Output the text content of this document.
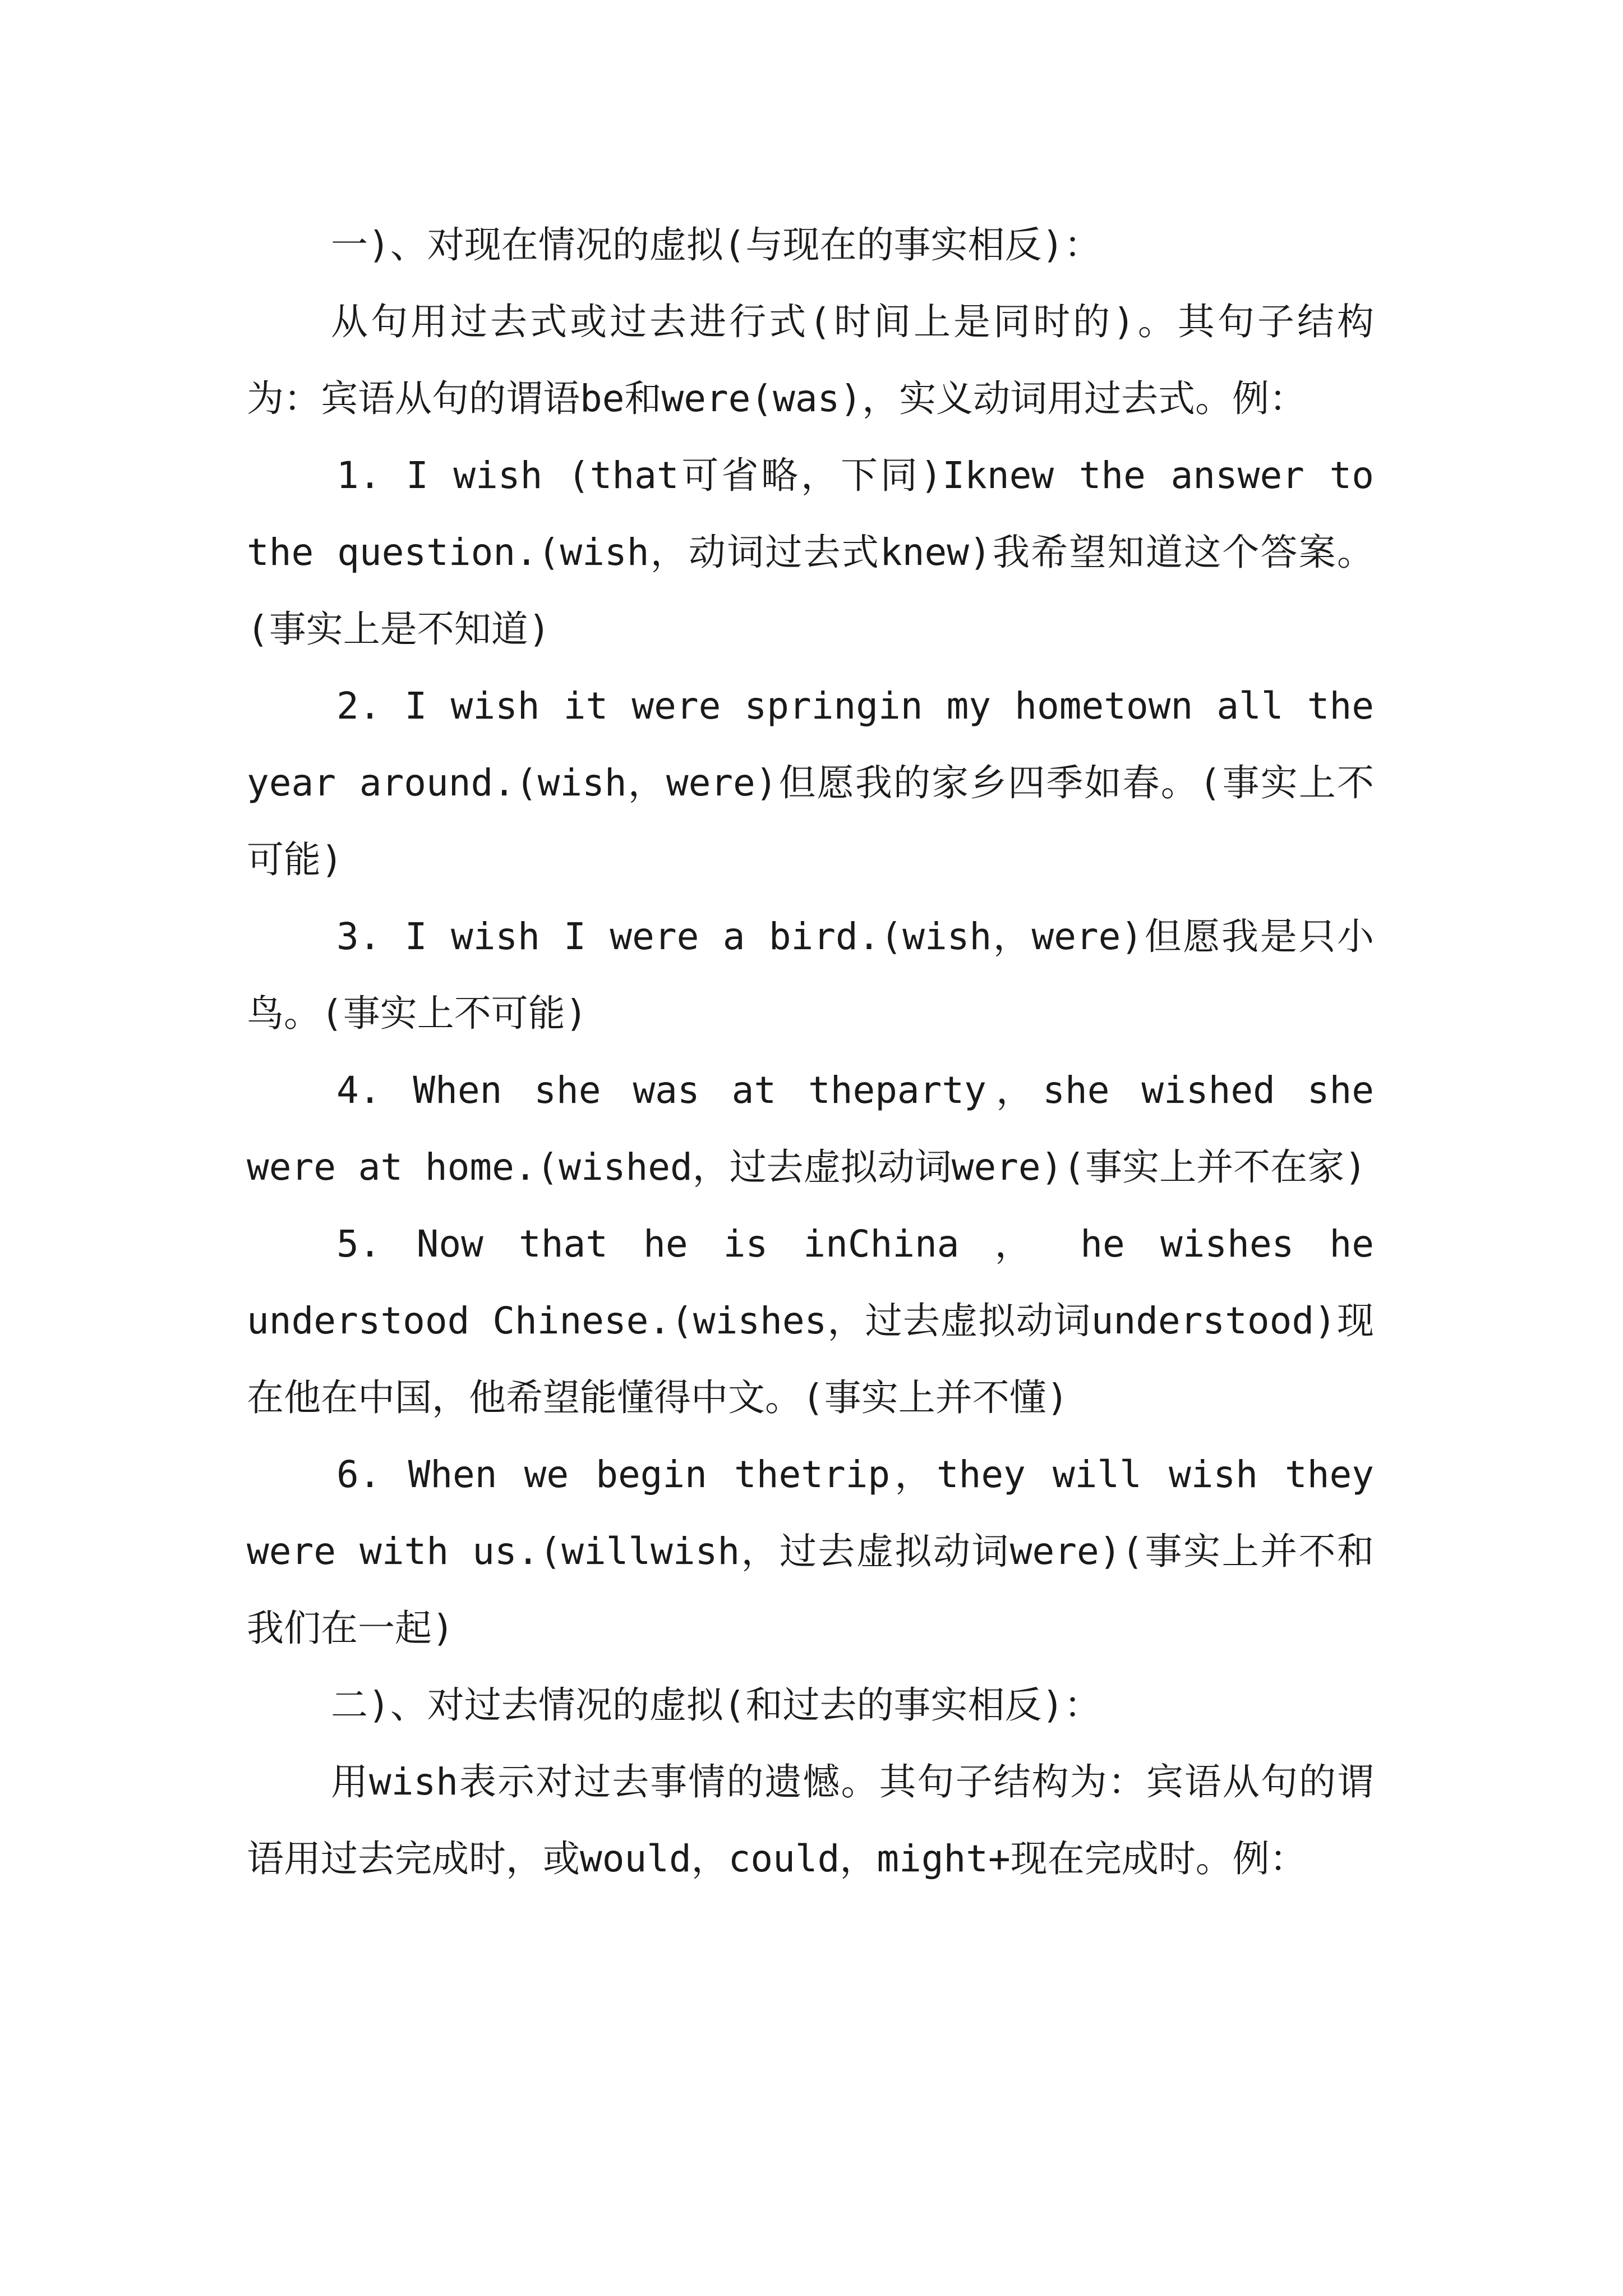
一)、对现在情况的虚拟(与现在的事实相反)：

从句用过去式或过去进行式(时间上是同时的)。其句子结构为：宾语从句的谓语be和were(was)，实义动词用过去式。例：

1. I wish (that可省略，下同)Iknew the answer to the question.(wish，动词过去式knew)我希望知道这个答案。(事实上是不知道)

2. I wish it were springin my hometown all the year around.(wish，were)但愿我的家乡四季如春。(事实上不可能)

3. I wish I were a bird.(wish，were)但愿我是只小鸟。(事实上不可能)

4. When she was at theparty，she wished she were at home.(wished，过去虚拟动词were)(事实上并不在家)

5. Now that he is inChina ， he wishes he understood Chinese.(wishes，过去虚拟动词understood)现在他在中国，他希望能懂得中文。(事实上并不懂)

6. When we begin thetrip，they will wish they were with us.(willwish，过去虚拟动词were)(事实上并不和我们在一起)

二)、对过去情况的虚拟(和过去的事实相反)：

用wish表示对过去事情的遗憾。其句子结构为：宾语从句的谓语用过去完成时，或would，could，might+现在完成时。例：
